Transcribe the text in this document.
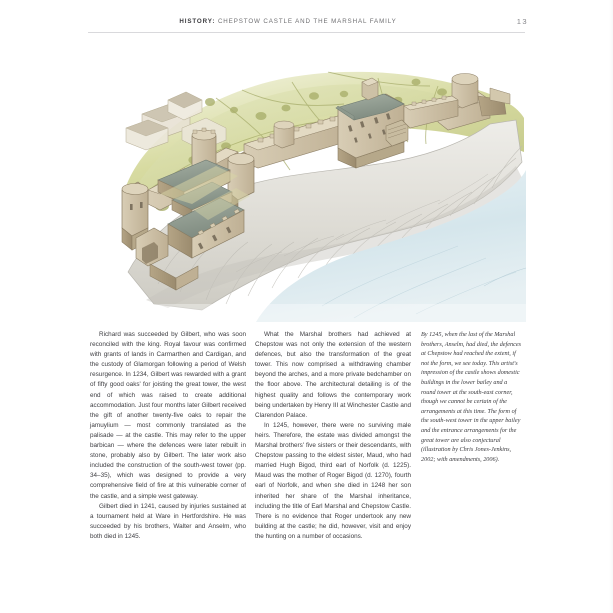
HISTORY: CHEPSTOW CASTLE AND THE MARSHAL FAMILY	13

Richard was succeeded by Gilbert, who was soon reconciled with the king. Royal favour was confirmed with grants of lands in Carmarthen and Cardigan, and the custody of Glamorgan following a period of Welsh resurgence. In 1234, Gilbert was rewarded with a grant of fifty good oaks' for joisting the great tower, the west end of which was raised to create additional accommodation. Just four months later Gilbert received the gift of another twenty-five oaks to repair the jamuylium — most commonly translated as the palisade — at the castle. This may refer to the upper barbican — where the defences were later rebuilt in stone, probably also by Gilbert. The later work also included the construction of the south-west tower (pp. 34–35), which was designed to provide a very comprehensive field of fire at this vulnerable corner of the castle, and a simple west gateway.

Gilbert died in 1241, caused by injuries sustained at a tournament held at Ware in Hertfordshire. He was succeeded by his brothers, Walter and Anselm, who both died in 1245.

What the Marshal brothers had achieved at Chepstow was not only the extension of the western defences, but also the transformation of the great tower. This now comprised a withdrawing chamber beyond the arches, and a more private bedchamber on the floor above. The architectural detailing is of the highest quality and follows the contemporary work being undertaken by Henry III at Winchester Castle and Clarendon Palace.

In 1245, however, there were no surviving male heirs. Therefore, the estate was divided amongst the Marshal brothers' five sisters or their descendants, with Chepstow passing to the eldest sister, Maud, who had married Hugh Bigod, third earl of Norfolk (d. 1225). Maud was the mother of Roger Bigod (d. 1270), fourth earl of Norfolk, and when she died in 1248 her son inherited her share of the Marshal inheritance, including the title of Earl Marshal and Chepstow Castle. There is no evidence that Roger undertook any new building at the castle; he did, however, visit and enjoy the hunting on a number of occasions.

By 1245, when the last of the Marshal brothers, Anselm, had died, the defences at Chepstow had reached the extent, if not the form, we see today. This artist's impression of the castle shows domestic buildings in the lower bailey and a round tower at the south-east corner, though we cannot be certain of the arrangements at this time. The form of the south-west tower in the upper bailey and the entrance arrangements for the great tower are also conjectural (illustration by Chris Jones-Jenkins, 2002; with amendments, 2006).
